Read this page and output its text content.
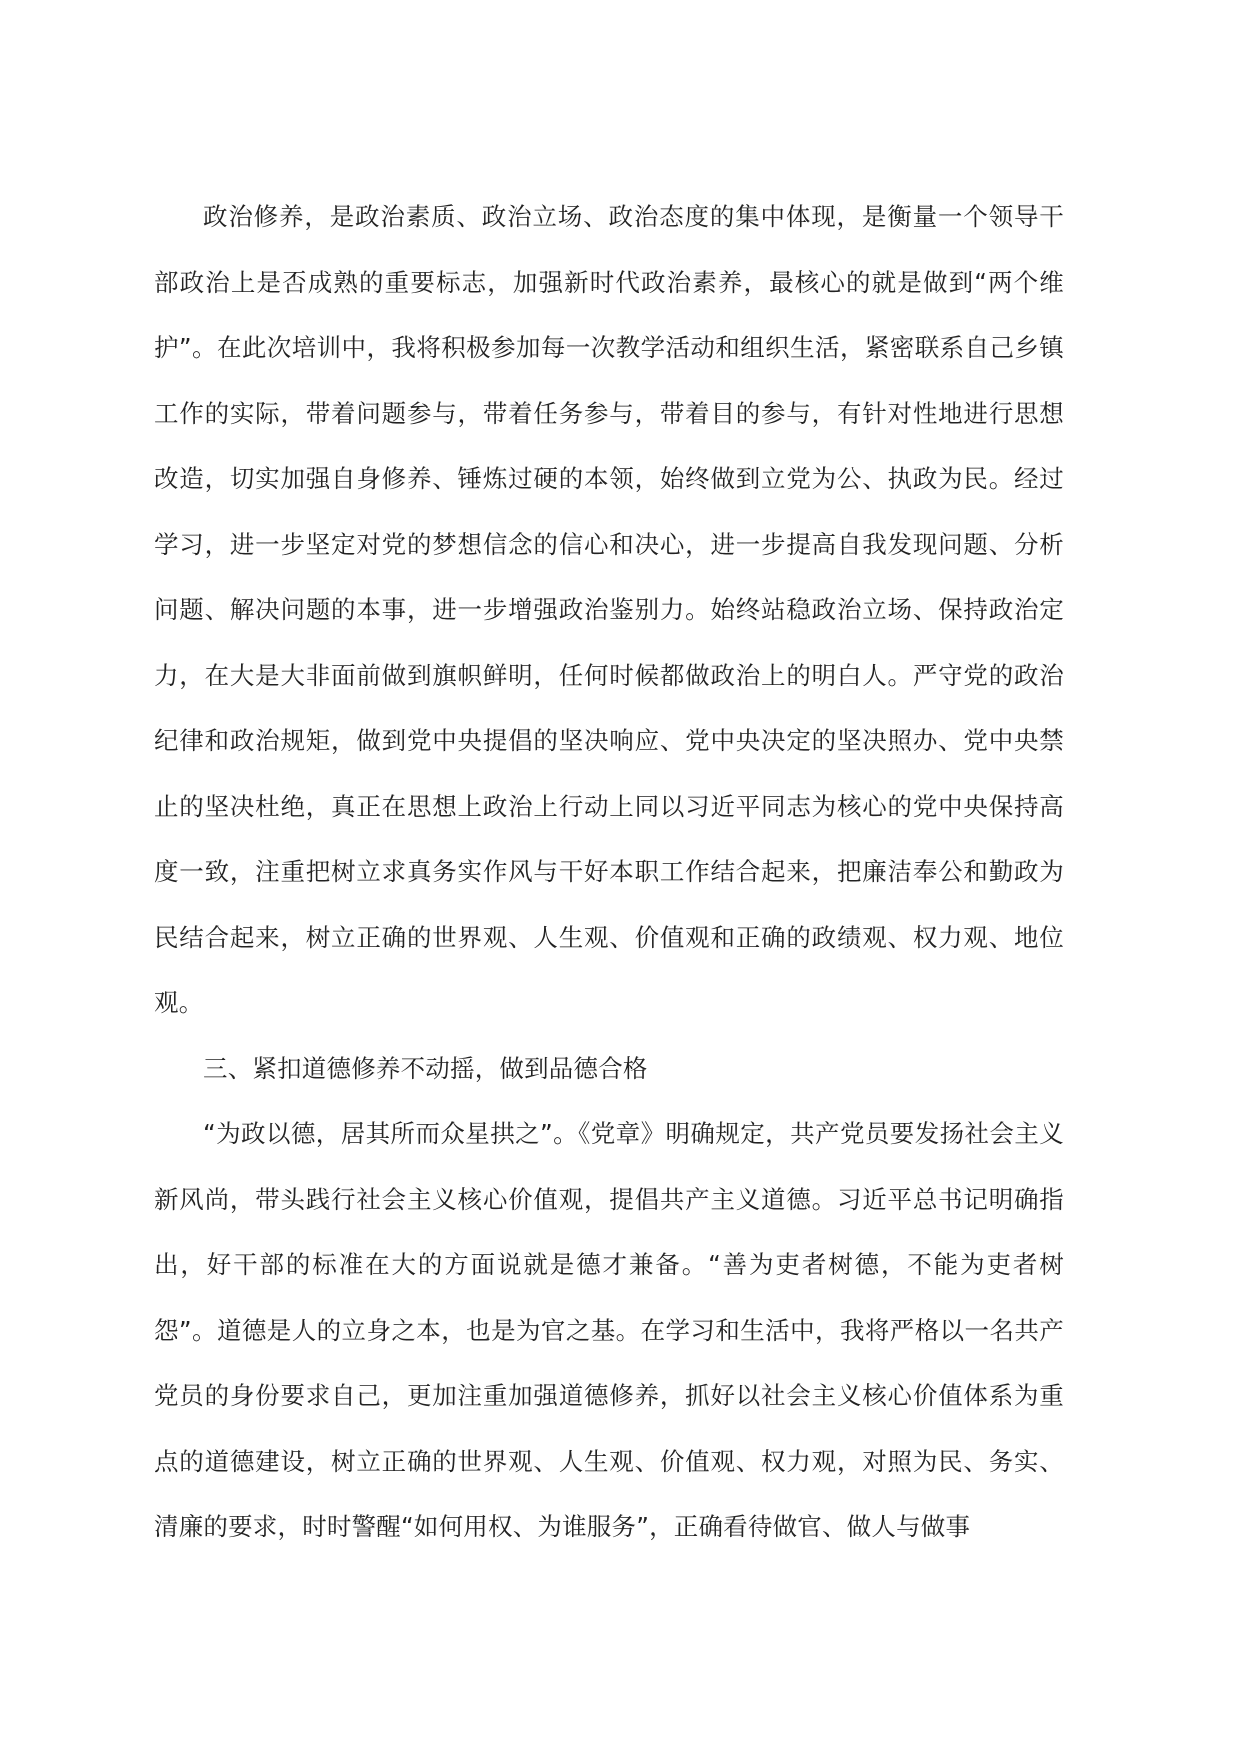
政治修养，是政治素质、政治立场、政治态度的集中体现，是衡量一个领导干部政治上是否成熟的重要标志，加强新时代政治素养，最核心的就是做到“两个维护”。在此次培训中，我将积极参加每一次教学活动和组织生活，紧密联系自己乡镇工作的实际，带着问题参与，带着任务参与，带着目的参与，有针对性地进行思想改造，切实加强自身修养、锤炼过硬的本领，始终做到立党为公、执政为民。经过学习，进一步坚定对党的梦想信念的信心和决心，进一步提高自我发现问题、分析问题、解决问题的本事，进一步增强政治鉴别力。始终站稳政治立场、保持政治定力，在大是大非面前做到旗帜鲜明，任何时候都做政治上的明白人。严守党的政治纪律和政治规矩，做到党中央提倡的坚决响应、党中央决定的坚决照办、党中央禁止的坚决杜绝，真正在思想上政治上行动上同以习近平同志为核心的党中央保持高度一致，注重把树立求真务实作风与干好本职工作结合起来，把廉洁奉公和勤政为民结合起来，树立正确的世界观、人生观、价值观和正确的政绩观、权力观、地位观。

三、紧扣道德修养不动摇，做到品德合格

“为政以德，居其所而众星拱之”。《党章》明确规定，共产党员要发扬社会主义新风尚，带头践行社会主义核心价值观，提倡共产主义道德。习近平总书记明确指出，好干部的标准在大的方面说就是德才兼备。“善为吏者树德，不能为吏者树怨”。道德是人的立身之本，也是为官之基。在学习和生活中，我将严格以一名共产党员的身份要求自己，更加注重加强道德修养，抓好以社会主义核心价值体系为重点的道德建设，树立正确的世界观、人生观、价值观、权力观，对照为民、务实、清廉的要求，时时警醒“如何用权、为谁服务”，正确看待做官、做人与做事
